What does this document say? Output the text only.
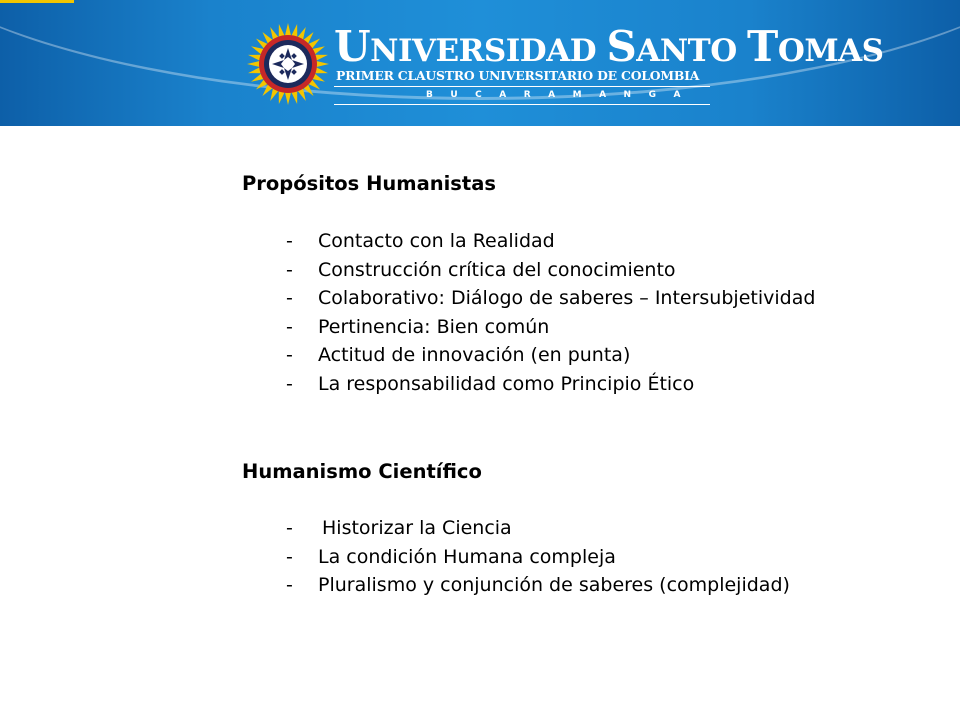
UNIVERSIDAD SANTO TOMAS
PRIMER CLAUSTRO UNIVERSITARIO DE COLOMBIA
BUCARAMANGA
Propósitos Humanistas
-	Contacto con la Realidad
-	Construcción crítica del conocimiento
-	Colaborativo: Diálogo de saberes – Intersubjetividad
-	Pertinencia: Bien común
-	Actitud de innovación (en punta)
-	La responsabilidad como Principio Ético
Humanismo Científico
-	Historizar la Ciencia
-	La condición Humana compleja
-	Pluralismo y conjunción de saberes (complejidad)
